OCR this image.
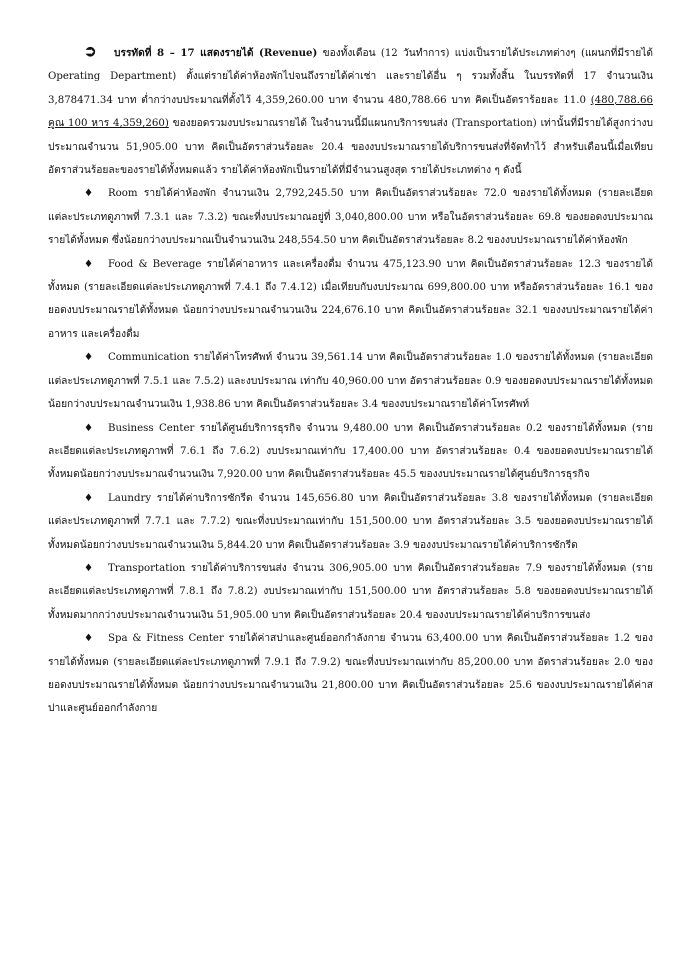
➲ บรรทัดที่ 8 – 17 แสดงรายได้ (Revenue) ของทั้งเดือน (12 วันทำการ) แบ่งเป็นรายได้ประเภทต่างๆ (แผนกที่มีรายได้ Operating Department) ตั้งแต่รายได้ค่าห้องพักไปจนถึงรายได้ค่าเช่า และรายได้อื่น ๆ รวมทั้งสิ้น ในบรรทัดที่ 17 จำนวนเงิน 3,878471.34 บาท ต่ำกว่างบประมาณที่ตั้งไว้ 4,359,260.00 บาท จำนวน 480,788.66 บาท คิดเป็นอัตราร้อยละ 11.0 (480,788.66 คูณ 100 หาร 4,359,260) ของยอดรวมงบประมาณรายได้ ในจำนวนนี้มีแผนกบริการขนส่ง (Transportation) เท่านั้นที่มีรายได้สูงกว่างบประมาณจำนวน 51,905.00 บาท คิดเป็นอัตราส่วนร้อยละ 20.4 ของงบประมาณรายได้บริการขนส่งที่จัดทำไว้ สำหรับเดือนนี้เมื่อเทียบอัตราส่วนร้อยละของรายได้ทั้งหมดแล้ว รายได้ค่าห้องพักเป็นรายได้ที่มีจำนวนสูงสุด รายได้ประเภทต่าง ๆ ดังนี้

♦ Room รายได้ค่าห้องพัก จำนวนเงิน 2,792,245.50 บาท คิดเป็นอัตราส่วนร้อยละ 72.0 ของรายได้ทั้งหมด (รายละเอียดแต่ละประเภทดูภาพที่ 7.3.1 และ 7.3.2) ขณะที่งบประมาณอยู่ที่ 3,040,800.00 บาท หรือในอัตราส่วนร้อยละ 69.8 ของยอดงบประมาณรายได้ทั้งหมด ซึ่งน้อยกว่างบประมาณเป็นจำนวนเงิน 248,554.50 บาท คิดเป็นอัตราส่วนร้อยละ 8.2 ของงบประมาณรายได้ค่าห้องพัก

♦ Food & Beverage รายได้ค่าอาหาร และเครื่องดื่ม จำนวน 475,123.90 บาท คิดเป็นอัตราส่วนร้อยละ 12.3 ของรายได้ทั้งหมด (รายละเอียดแต่ละประเภทดูภาพที่ 7.4.1 ถึง 7.4.12) เมื่อเทียบกับงบประมาณ 699,800.00 บาท หรืออัตราส่วนร้อยละ 16.1 ของยอดงบประมาณรายได้ทั้งหมด น้อยกว่างบประมาณจำนวนเงิน 224,676.10 บาท คิดเป็นอัตราส่วนร้อยละ 32.1 ของงบประมาณรายได้ค่าอาหาร และเครื่องดื่ม

♦ Communication รายได้ค่าโทรศัพท์ จำนวน 39,561.14 บาท คิดเป็นอัตราส่วนร้อยละ 1.0 ของรายได้ทั้งหมด (รายละเอียดแต่ละประเภทดูภาพที่ 7.5.1 และ 7.5.2) และงบประมาณ เท่ากับ 40,960.00 บาท อัตราส่วนร้อยละ 0.9 ของยอดงบประมาณรายได้ทั้งหมดน้อยกว่างบประมาณจำนวนเงิน 1,938.86 บาท คิดเป็นอัตราส่วนร้อยละ 3.4 ของงบประมาณรายได้ค่าโทรศัพท์

♦ Business Center รายได้ศูนย์บริการธุรกิจ จำนวน 9,480.00 บาท คิดเป็นอัตราส่วนร้อยละ 0.2 ของรายได้ทั้งหมด (รายละเอียดแต่ละประเภทดูภาพที่ 7.6.1 ถึง 7.6.2) งบประมาณเท่ากับ 17,400.00 บาท อัตราส่วนร้อยละ 0.4 ของยอดงบประมาณรายได้ทั้งหมดน้อยกว่างบประมาณจำนวนเงิน 7,920.00 บาท คิดเป็นอัตราส่วนร้อยละ 45.5 ของงบประมาณรายได้ศูนย์บริการธุรกิจ

♦ Laundry รายได้ค่าบริการซักรีด จำนวน 145,656.80 บาท คิดเป็นอัตราส่วนร้อยละ 3.8 ของรายได้ทั้งหมด (รายละเอียดแต่ละประเภทดูภาพที่ 7.7.1 และ 7.7.2) ขณะที่งบประมาณเท่ากับ 151,500.00 บาท อัตราส่วนร้อยละ 3.5 ของยอดงบประมาณรายได้ทั้งหมดน้อยกว่างบประมาณจำนวนเงิน 5,844.20 บาท คิดเป็นอัตราส่วนร้อยละ 3.9 ของงบประมาณรายได้ค่าบริการซักรีด

♦ Transportation รายได้ค่าบริการขนส่ง จำนวน 306,905.00 บาท คิดเป็นอัตราส่วนร้อยละ 7.9 ของรายได้ทั้งหมด (รายละเอียดแต่ละประเภทดูภาพที่ 7.8.1 ถึง 7.8.2) งบประมาณเท่ากับ 151,500.00 บาท อัตราส่วนร้อยละ 5.8 ของยอดงบประมาณรายได้ทั้งหมดมากกว่างบประมาณจำนวนเงิน 51,905.00 บาท คิดเป็นอัตราส่วนร้อยละ 20.4 ของงบประมาณรายได้ค่าบริการขนส่ง

♦ Spa & Fitness Center รายได้ค่าสปาและศูนย์ออกกำลังกาย จำนวน 63,400.00 บาท คิดเป็นอัตราส่วนร้อยละ 1.2 ของรายได้ทั้งหมด (รายละเอียดแต่ละประเภทดูภาพที่ 7.9.1 ถึง 7.9.2) ขณะที่งบประมาณเท่ากับ 85,200.00 บาท อัตราส่วนร้อยละ 2.0 ของยอดงบประมาณรายได้ทั้งหมด น้อยกว่างบประมาณจำนวนเงิน 21,800.00 บาท คิดเป็นอัตราส่วนร้อยละ 25.6 ของงบประมาณรายได้ค่าสปาและศูนย์ออกกำลังกาย
